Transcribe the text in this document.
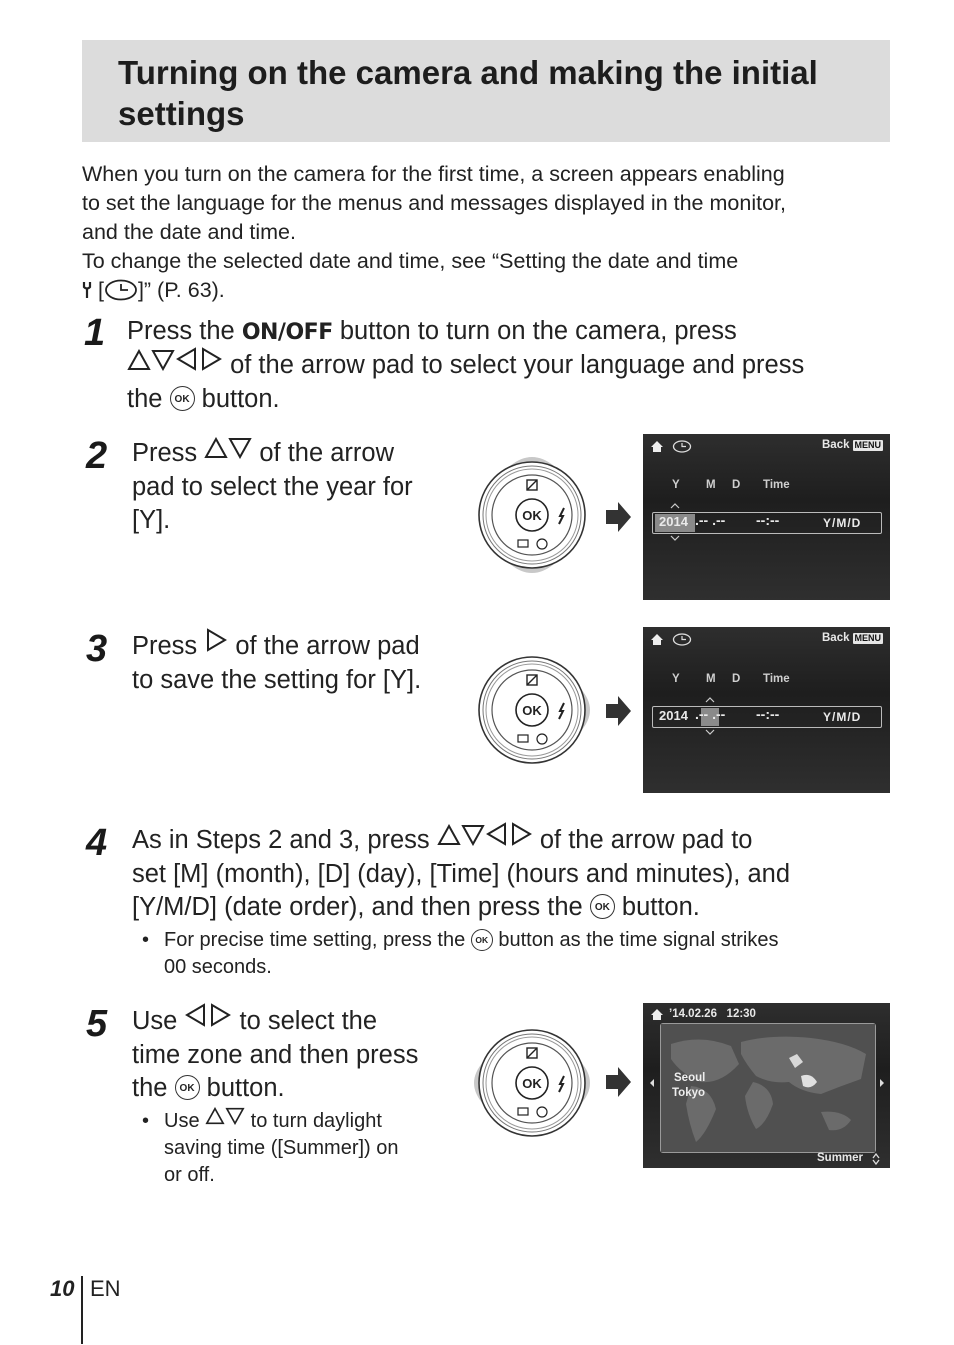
Turning on the camera and making the initial settings

When you turn on the camera for the first time, a screen appears enabling

to set the language for the menus and messages displayed in the monitor,

and the date and time.

To change the selected date and time, see “Setting the date and time

[ ]” (P. 63).

1 Press the ON/OFF button to turn on the camera, press
of the arrow pad to select your language and press
the OK button.
2 Press  of the arrow
pad to select the year for
[Y].	OK
Back MENU
Y M D Time
2014 .-- .-- --:--	Y/M/D
3 Press  of the arrow pad
to save the setting for [Y].
OK
Back MENU
Y M D Time
2014 .-- .-- --:--	Y/M/D
4 As in Steps 2 and 3, press	of the arrow pad to
set [M] (month), [D] (day), [Time] (hours and minutes), and
[Y/M/D] (date order), and then press the OK button.
• For precise time setting, press the OK button as the time signal strikes
00 seconds.
5 Use  to select the
time zone and then press
the OK button.
• Use  to turn daylight
saving time ([Summer]) on
or off.
OK
’14.02.26   12:30
Seoul
Tokyo
Summer
10 EN
